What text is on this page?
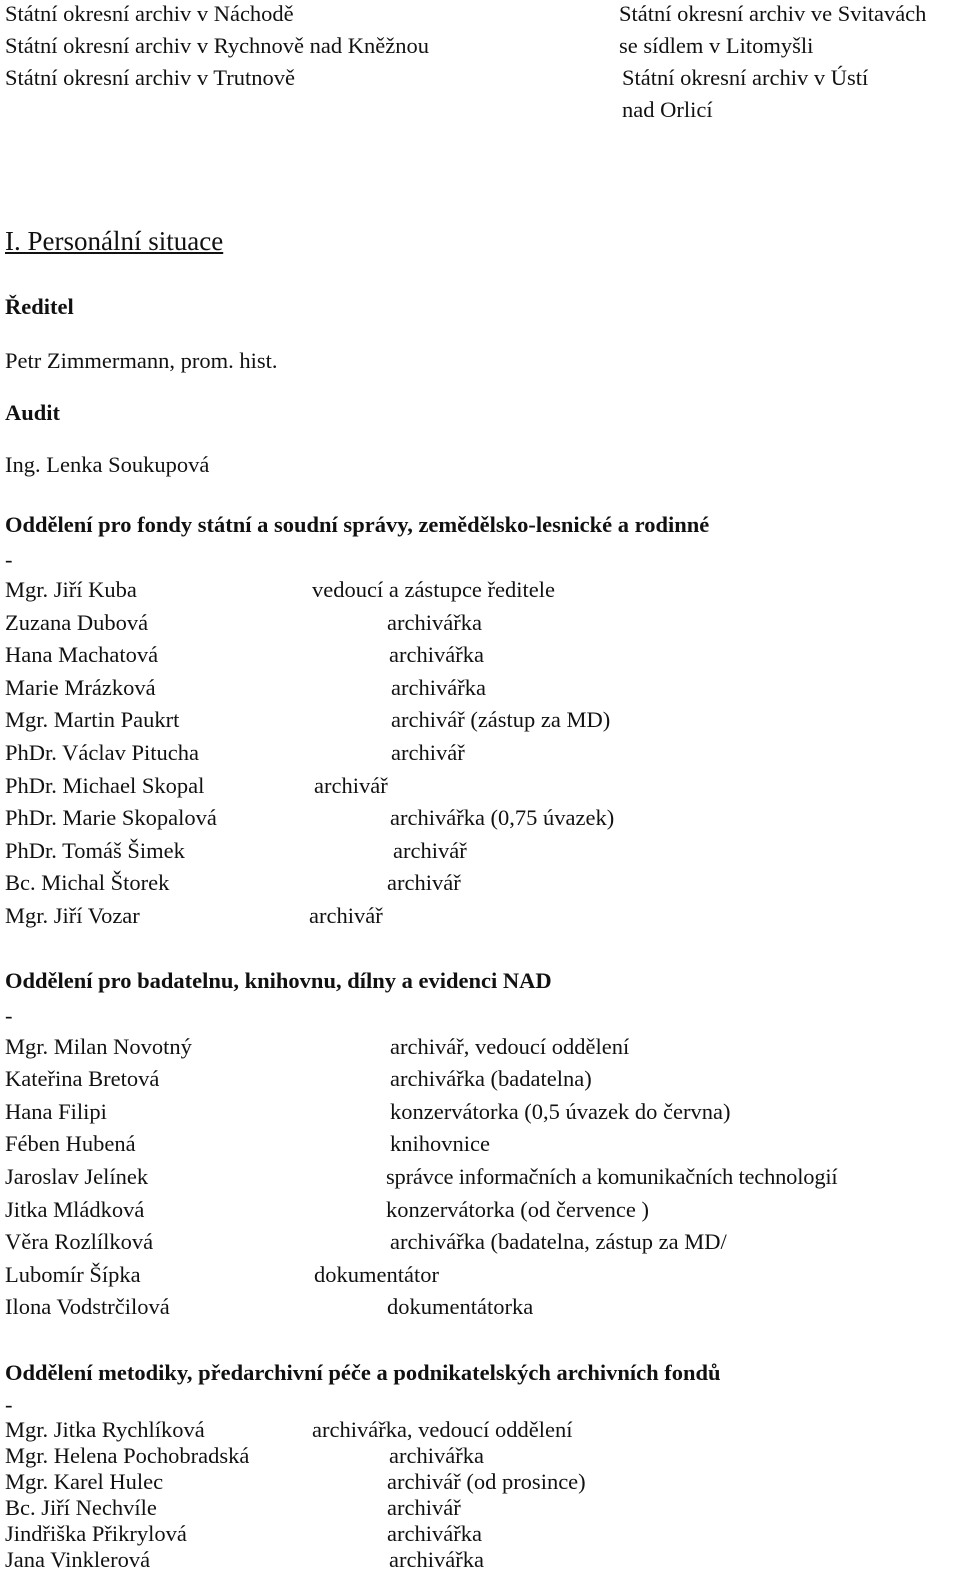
Státní okresní archiv v Náchodě
Státní okresní archiv v Rychnově nad Kněžnou
Státní okresní archiv v Trutnově
Státní okresní archiv ve Svitavách
se sídlem v Litomyšli
Státní okresní archiv v Ústí
nad Orlicí
I. Personální situace
Ředitel
Petr Zimmermann, prom. hist.
Audit
Ing. Lenka Soukupová
Oddělení pro fondy státní a soudní správy, zemědělsko-lesnické a rodinné
-
Mgr. Jiří Kuba	vedoucí a zástupce ředitele
Zuzana Dubová	archivářka
Hana Machatová	archivářka
Marie Mrázková	archivářka
Mgr. Martin Paukrt	archivář (zástup za MD)
PhDr. Václav Pitucha	archivář
PhDr. Michael Skopal	archivář
PhDr. Marie Skopalová	archivářka (0,75 úvazek)
PhDr. Tomáš Šimek	archivář
Bc. Michal Štorek	archivář
Mgr. Jiří Vozar	archivář
Oddělení pro badatelnu, knihovnu, dílny a evidenci NAD
-
Mgr. Milan Novotný	archivář, vedoucí oddělení
Kateřina Bretová	archivářka (badatelna)
Hana Filipi	konzervátorka (0,5 úvazek do června)
Fében Hubená	knihovnice
Jaroslav Jelínek	správce informačních a komunikačních technologií
Jitka Mládková	konzervátorka (od července )
Věra Rozlílková	archivářka (badatelna, zástup za MD/
Lubomír Šípka	dokumentátor
Ilona Vodstrčilová	dokumentátorka
Oddělení metodiky, předarchivní péče a podnikatelských archivních fondů
-
Mgr. Jitka Rychlíková	archivářka, vedoucí oddělení
Mgr. Helena Pochobradská	archivářka
Mgr. Karel Hulec	archivář (od prosince)
Bc. Jiří Nechvíle	archivář
Jindřiška Přikrylová	archivářka
Jana Vinklerová	archivářka
